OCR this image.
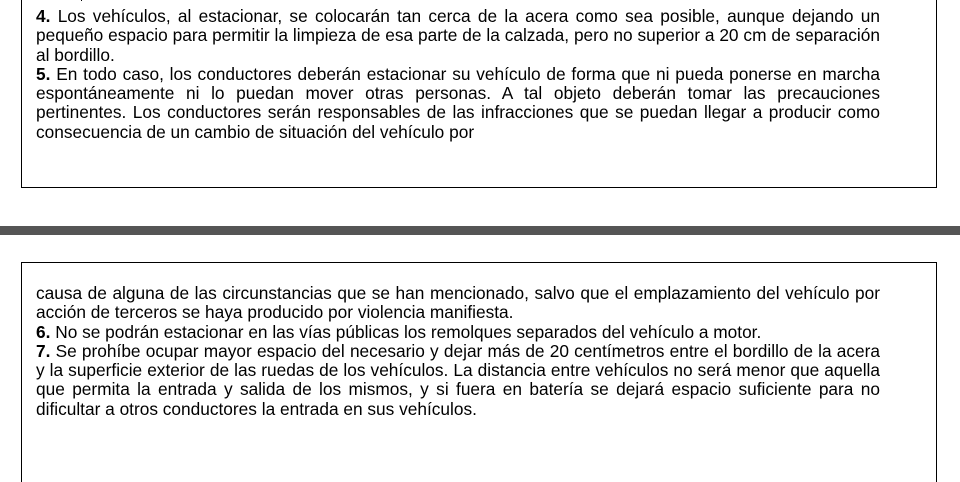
4. Los vehículos, al estacionar, se colocarán tan cerca de la acera como sea posible, aunque dejando un pequeño espacio para permitir la limpieza de esa parte de la calzada, pero no superior a 20 cm de separación al bordillo.

5. En todo caso, los conductores deberán estacionar su vehículo de forma que ni pueda ponerse en marcha espontáneamente ni lo puedan mover otras personas. A tal objeto deberán tomar las precauciones pertinentes. Los conductores serán responsables de las infracciones que se puedan llegar a producir como consecuencia de un cambio de situación del vehículo por

causa de alguna de las circunstancias que se han mencionado, salvo que el emplazamiento del vehículo por acción de terceros se haya producido por violencia manifiesta.

6. No se podrán estacionar en las vías públicas los remolques separados del vehículo a motor.

7. Se prohíbe ocupar mayor espacio del necesario y dejar más de 20 centímetros entre el bordillo de la acera y la superficie exterior de las ruedas de los vehículos. La distancia entre vehículos no será menor que aquella que permita la entrada y salida de los mismos, y si fuera en batería se dejará espacio suficiente para no dificultar a otros conductores la entrada en sus vehículos.
